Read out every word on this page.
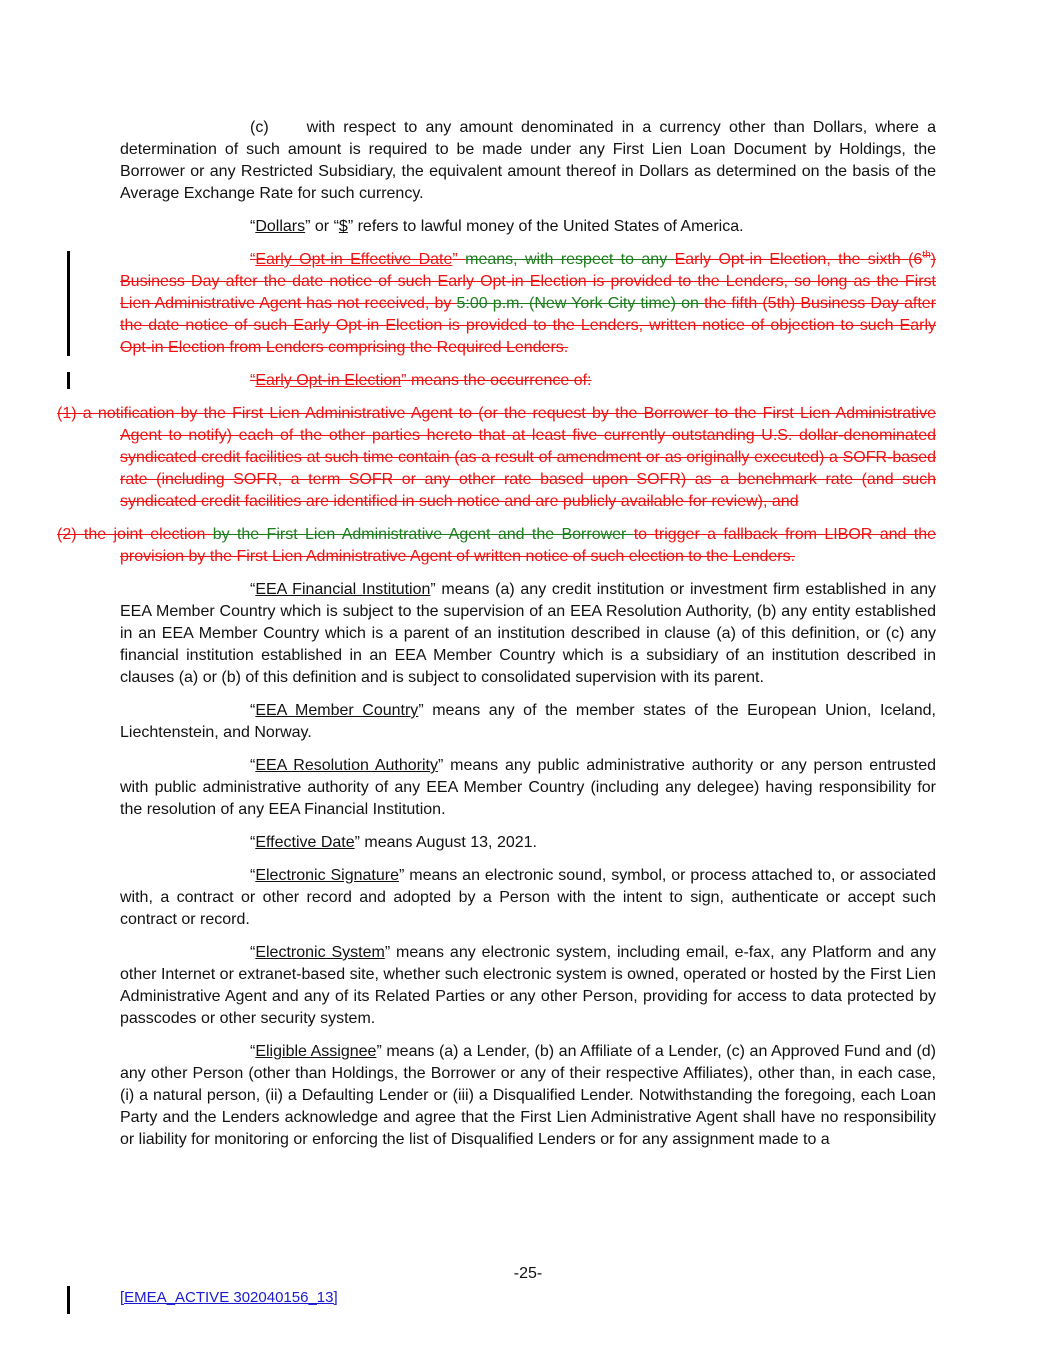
(c) with respect to any amount denominated in a currency other than Dollars, where a determination of such amount is required to be made under any First Lien Loan Document by Holdings, the Borrower or any Restricted Subsidiary, the equivalent amount thereof in Dollars as determined on the basis of the Average Exchange Rate for such currency.

“Dollars” or “$” refers to lawful money of the United States of America.

“Early Opt-in Effective Date” means, with respect to any Early Opt-in Election, the sixth (6th) Business Day after the date notice of such Early Opt-in Election is provided to the Lenders, so long as the First Lien Administrative Agent has not received, by 5:00 p.m. (New York City time) on the fifth (5th) Business Day after the date notice of such Early Opt-in Election is provided to the Lenders, written notice of objection to such Early Opt-in Election from Lenders comprising the Required Lenders.

“Early Opt-in Election” means the occurrence of:

(1) a notification by the First Lien Administrative Agent to (or the request by the Borrower to the First Lien Administrative Agent to notify) each of the other parties hereto that at least five currently outstanding U.S. dollar-denominated syndicated credit facilities at such time contain (as a result of amendment or as originally executed) a SOFR-based rate (including SOFR, a term SOFR or any other rate based upon SOFR) as a benchmark rate (and such syndicated credit facilities are identified in such notice and are publicly available for review), and

(2) the joint election by the First Lien Administrative Agent and the Borrower to trigger a fallback from LIBOR and the provision by the First Lien Administrative Agent of written notice of such election to the Lenders.

“EEA Financial Institution” means (a) any credit institution or investment firm established in any EEA Member Country which is subject to the supervision of an EEA Resolution Authority, (b) any entity established in an EEA Member Country which is a parent of an institution described in clause (a) of this definition, or (c) any financial institution established in an EEA Member Country which is a subsidiary of an institution described in clauses (a) or (b) of this definition and is subject to consolidated supervision with its parent.

“EEA Member Country” means any of the member states of the European Union, Iceland, Liechtenstein, and Norway.

“EEA Resolution Authority” means any public administrative authority or any person entrusted with public administrative authority of any EEA Member Country (including any delegee) having responsibility for the resolution of any EEA Financial Institution.

“Effective Date” means August 13, 2021.

“Electronic Signature” means an electronic sound, symbol, or process attached to, or associated with, a contract or other record and adopted by a Person with the intent to sign, authenticate or accept such contract or record.

“Electronic System” means any electronic system, including email, e-fax, any Platform and any other Internet or extranet-based site, whether such electronic system is owned, operated or hosted by the First Lien Administrative Agent and any of its Related Parties or any other Person, providing for access to data protected by passcodes or other security system.

“Eligible Assignee” means (a) a Lender, (b) an Affiliate of a Lender, (c) an Approved Fund and (d) any other Person (other than Holdings, the Borrower or any of their respective Affiliates), other than, in each case, (i) a natural person, (ii) a Defaulting Lender or (iii) a Disqualified Lender. Notwithstanding the foregoing, each Loan Party and the Lenders acknowledge and agree that the First Lien Administrative Agent shall have no responsibility or liability for monitoring or enforcing the list of Disqualified Lenders or for any assignment made to a

-25-
[EMEA_ACTIVE 302040156_13]
